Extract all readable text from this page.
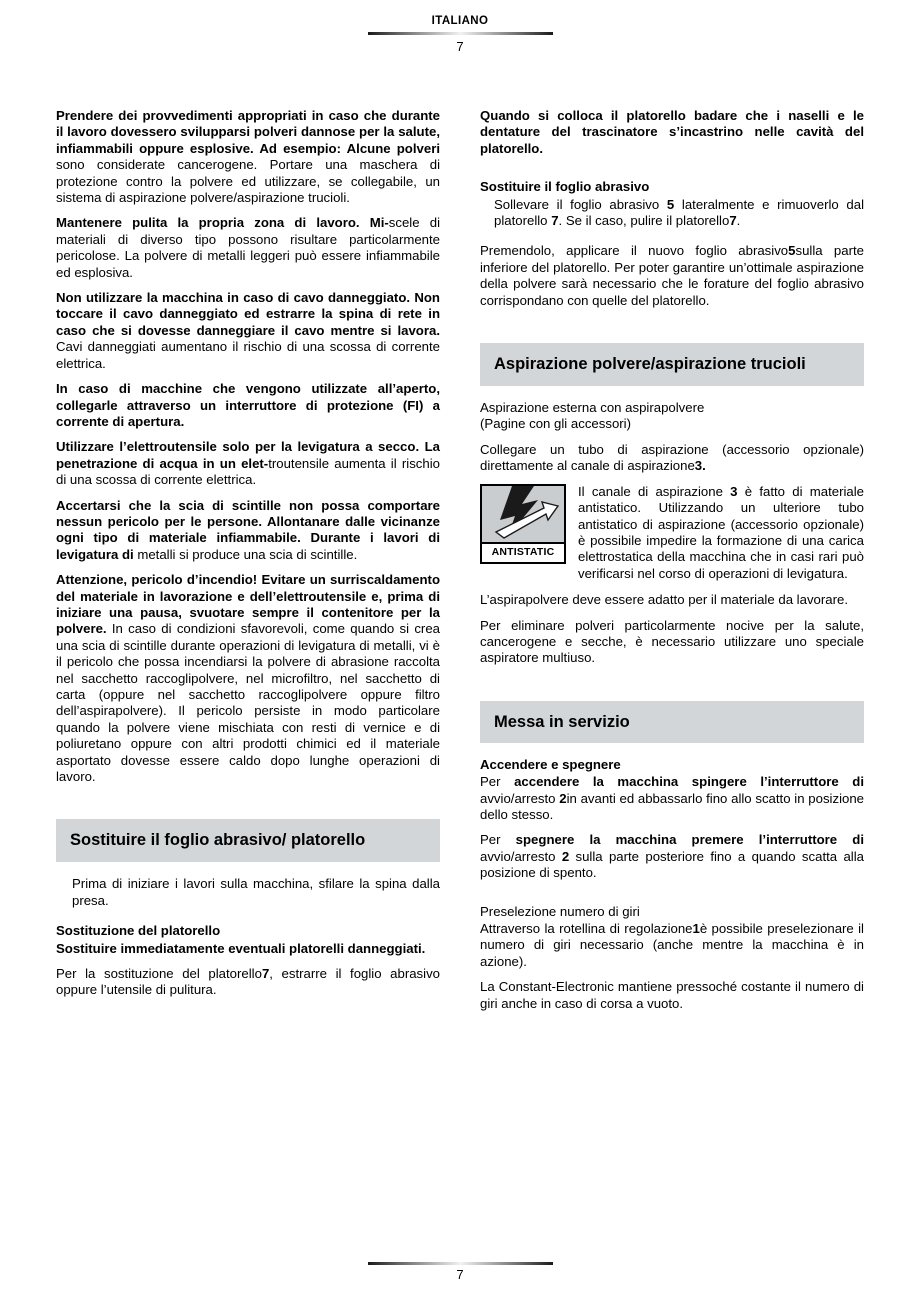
ITALIANO
7

Prendere dei provvedimenti appropriati in caso che durante il lavoro dovessero svilupparsi polveri dannose per la salute, infiammabili oppure esplosive. Ad esempio: Alcune polveri sono considerate cancerogene. Portare una maschera di protezione contro la polvere ed utilizzare, se collegabile, un sistema di aspirazione polvere/aspirazione trucioli.

Mantenere pulita la propria zona di lavoro. Mi-scele di materiali di diverso tipo possono risultare particolarmente pericolose. La polvere di metalli leggeri può essere infiammabile ed esplosiva.

Non utilizzare la macchina in caso di cavo danneggiato. Non toccare il cavo danneggiato ed estrarre la spina di rete in caso che si dovesse danneggiare il cavo mentre si lavora. Cavi danneggiati aumentano il rischio di una scossa di corrente elettrica.

In caso di macchine che vengono utilizzate all’aperto, collegarle attraverso un interruttore di protezione (FI) a corrente di apertura.

Utilizzare l’elettroutensile solo per la levigatura a secco. La penetrazione di acqua in un elet-troutensile aumenta il rischio di una scossa di corrente elettrica.

Accertarsi che la scia di scintille non possa comportare nessun pericolo per le persone. Allontanare dalle vicinanze ogni tipo di materiale infiammabile. Durante i lavori di levigatura di metalli si produce una scia di scintille.

Attenzione, pericolo d’incendio! Evitare un surriscaldamento del materiale in lavorazione e dell’elettroutensile e, prima di iniziare una pausa, svuotare sempre il contenitore per la polvere. In caso di condizioni sfavorevoli, come quando si crea una scia di scintille durante operazioni di levigatura di metalli, vi è il pericolo che possa incendiarsi la polvere di abrasione raccolta nel sacchetto raccoglipolvere, nel microfiltro, nel sacchetto di carta (oppure nel sacchetto raccoglipolvere oppure filtro dell’aspirapolvere). Il pericolo persiste in modo particolare quando la polvere viene mischiata con resti di vernice e di poliuretano oppure con altri prodotti chimici ed il materiale asportato dovesse essere caldo dopo lunghe operazioni di lavoro.

Sostituire il foglio abrasivo/ platorello

Prima di iniziare i lavori sulla macchina, sfilare la spina dalla presa.

Sostituzione del platorello

Sostituire immediatamente eventuali platorelli danneggiati.

Per la sostituzione del platorello7, estrarre il foglio abrasivo oppure l’utensile di pulitura.

Quando si colloca il platorello badare che i naselli e le dentature del trascinatore s’incastrino nelle cavità del platorello.

Sostituire il foglio abrasivo

Sollevare il foglio abrasivo 5 lateralmente e rimuoverlo dal platorello 7. Se il caso, pulire il platorello7.

Premendolo, applicare il nuovo foglio abrasivo5sulla parte inferiore del platorello. Per poter garantire un’ottimale aspirazione della polvere sarà necessario che le forature del foglio abrasivo corrispondano con quelle del platorello.

Aspirazione polvere/aspirazione trucioli

Aspirazione esterna con aspirapolvere

(Pagine con gli accessori)

Collegare un tubo di aspirazione (accessorio opzionale) direttamente al canale di aspirazione3.

ANTISTATIC

Il canale di aspirazione 3 è fatto di materiale antistatico. Utilizzando un ulteriore tubo antistatico di aspirazione (accessorio opzionale) è possibile impedire la formazione di una carica elettrostatica della macchina che in casi rari può verificarsi nel corso di operazioni di levigatura.

L’aspirapolvere deve essere adatto per il materiale da lavorare.

Per eliminare polveri particolarmente nocive per la salute, cancerogene e secche, è necessario utilizzare uno speciale aspiratore multiuso.

Messa in servizio
Accendere e spegnere

Per accendere la macchina spingere l’interruttore di avvio/arresto 2in avanti ed abbassarlo fino allo scatto in posizione dello stesso.

Per spegnere la macchina premere l’interruttore di avvio/arresto 2 sulla parte posteriore fino a quando scatta alla posizione di spento.

Preselezione numero di giri

Attraverso la rotellina di regolazione1è possibile preselezionare il numero di giri necessario (anche mentre la macchina è in azione).

La Constant-Electronic mantiene pressoché costante il numero di giri anche in caso di corsa a vuoto.

7
